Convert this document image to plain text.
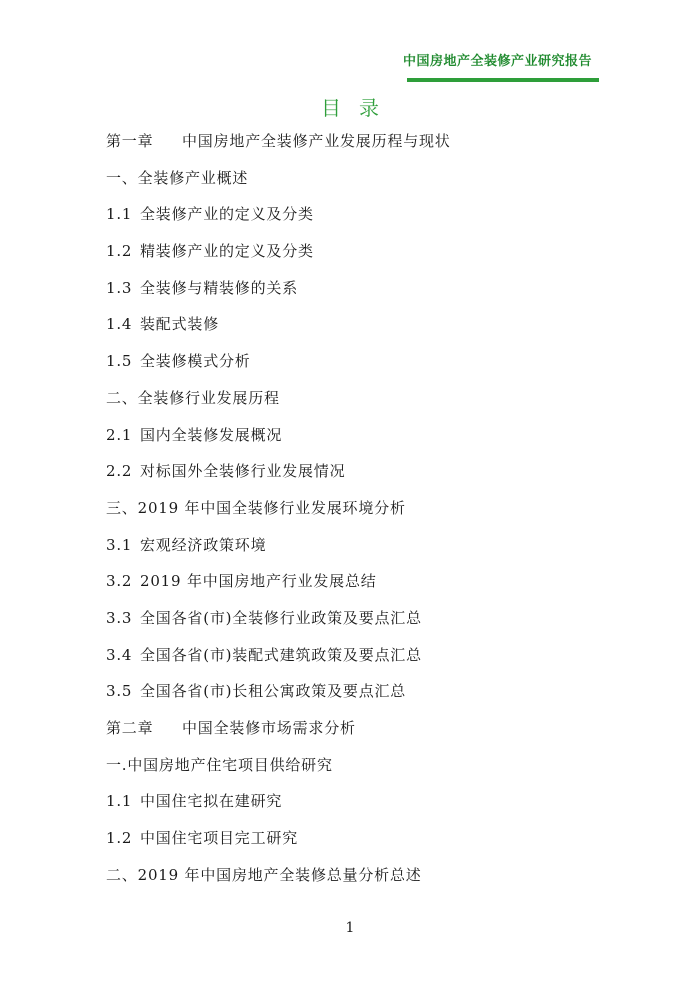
中国房地产全装修产业研究报告
目录
第一章 中国房地产全装修产业发展历程与现状
一、全装修产业概述
1.1 全装修产业的定义及分类
1.2 精装修产业的定义及分类
1.3 全装修与精装修的关系
1.4 装配式装修
1.5 全装修模式分析
二、全装修行业发展历程
2.1 国内全装修发展概况
2.2 对标国外全装修行业发展情况
三、2019 年中国全装修行业发展环境分析
3.1 宏观经济政策环境
3.2 2019 年中国房地产行业发展总结
3.3 全国各省(市)全装修行业政策及要点汇总
3.4 全国各省(市)装配式建筑政策及要点汇总
3.5 全国各省(市)长租公寓政策及要点汇总
第二章 中国全装修市场需求分析
一.中国房地产住宅项目供给研究
1.1 中国住宅拟在建研究
1.2 中国住宅项目完工研究
二、2019 年中国房地产全装修总量分析总述
1
